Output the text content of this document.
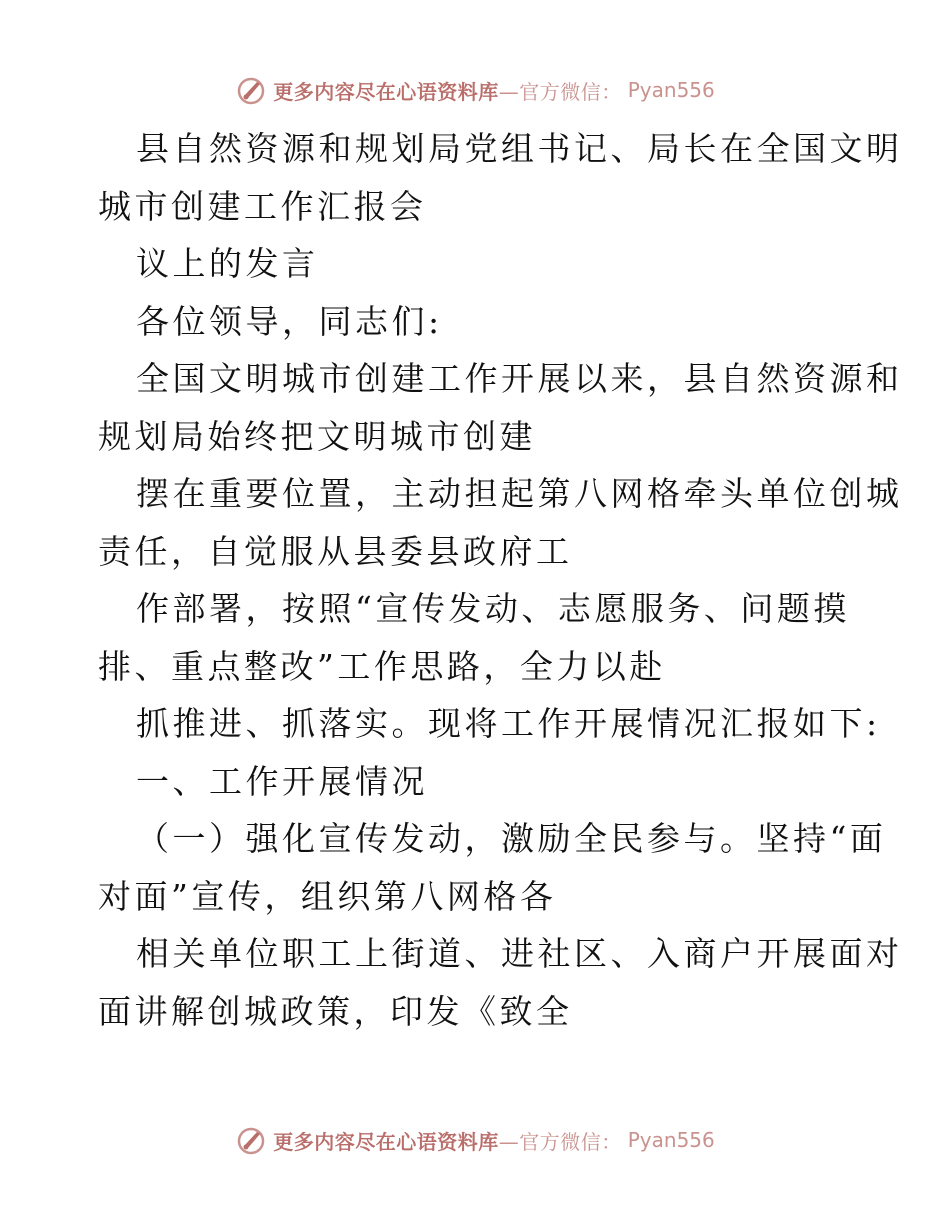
更多内容尽在心语资料库—官方微信： Pyan556

县自然资源和规划局党组书记、局长在全国文明

城市创建工作汇报会

议上的发言

各位领导，同志们:

全国文明城市创建工作开展以来，县自然资源和

规划局始终把文明城市创建

摆在重要位置，主动担起第八网格牵头单位创城

责任，自觉服从县委县政府工

作部署，按照“宣传发动、志愿服务、问题摸

排、重点整改”工作思路，全力以赴

抓推进、抓落实。现将工作开展情况汇报如下:

一、工作开展情况

（一）强化宣传发动，激励全民参与。坚持“面

对面”宣传，组织第八网格各

相关单位职工上街道、进社区、入商户开展面对

面讲解创城政策，印发《致全

更多内容尽在心语资料库—官方微信： Pyan556
